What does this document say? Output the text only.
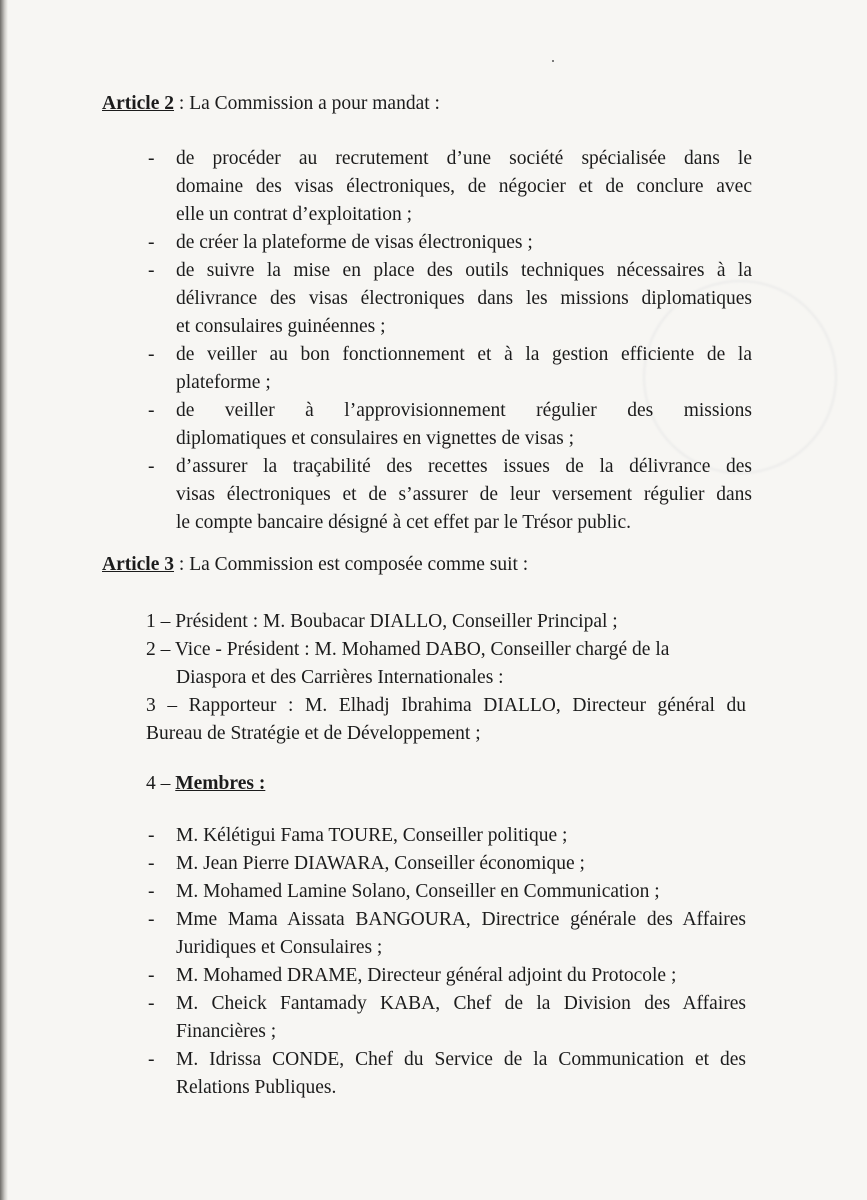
Article 2 : La Commission a pour mandat :
Article 3 : La Commission est composée comme suit :
4 – Membres :
- de procéder au recrutement d’une société spécialisée dans le
domaine des visas électroniques, de négocier et de conclure avec
elle un contrat d’exploitation ;
- de créer la plateforme de visas électroniques ;
- de suivre la mise en place des outils techniques nécessaires à la
délivrance des visas électroniques dans les missions diplomatiques
et consulaires guinéennes ;
- de veiller au bon fonctionnement et à la gestion efficiente de la
plateforme ;
- de veiller à l’approvisionnement régulier des missions
diplomatiques et consulaires en vignettes de visas ;
- d’assurer la traçabilité des recettes issues de la délivrance des
visas électroniques et de s’assurer de leur versement régulier dans
le compte bancaire désigné à cet effet par le Trésor public.
1 – Président : M. Boubacar DIALLO, Conseiller Principal ;
2 – Vice - Président : M. Mohamed DABO, Conseiller chargé de la
Diaspora et des Carrières Internationales :
3 – Rapporteur : M. Elhadj Ibrahima DIALLO, Directeur général du
Bureau de Stratégie et de Développement ;
- M. Kélétigui Fama TOURE, Conseiller politique ;
- M. Jean Pierre DIAWARA, Conseiller économique ;
- M. Mohamed Lamine Solano, Conseiller en Communication ;
- Mme Mama Aissata BANGOURA, Directrice générale des Affaires
Juridiques et Consulaires ;
- M. Mohamed DRAME, Directeur général adjoint du Protocole ;
- M. Cheick Fantamady KABA, Chef de la Division des Affaires
Financières ;
- M. Idrissa CONDE, Chef du Service de la Communication et des
Relations Publiques.
